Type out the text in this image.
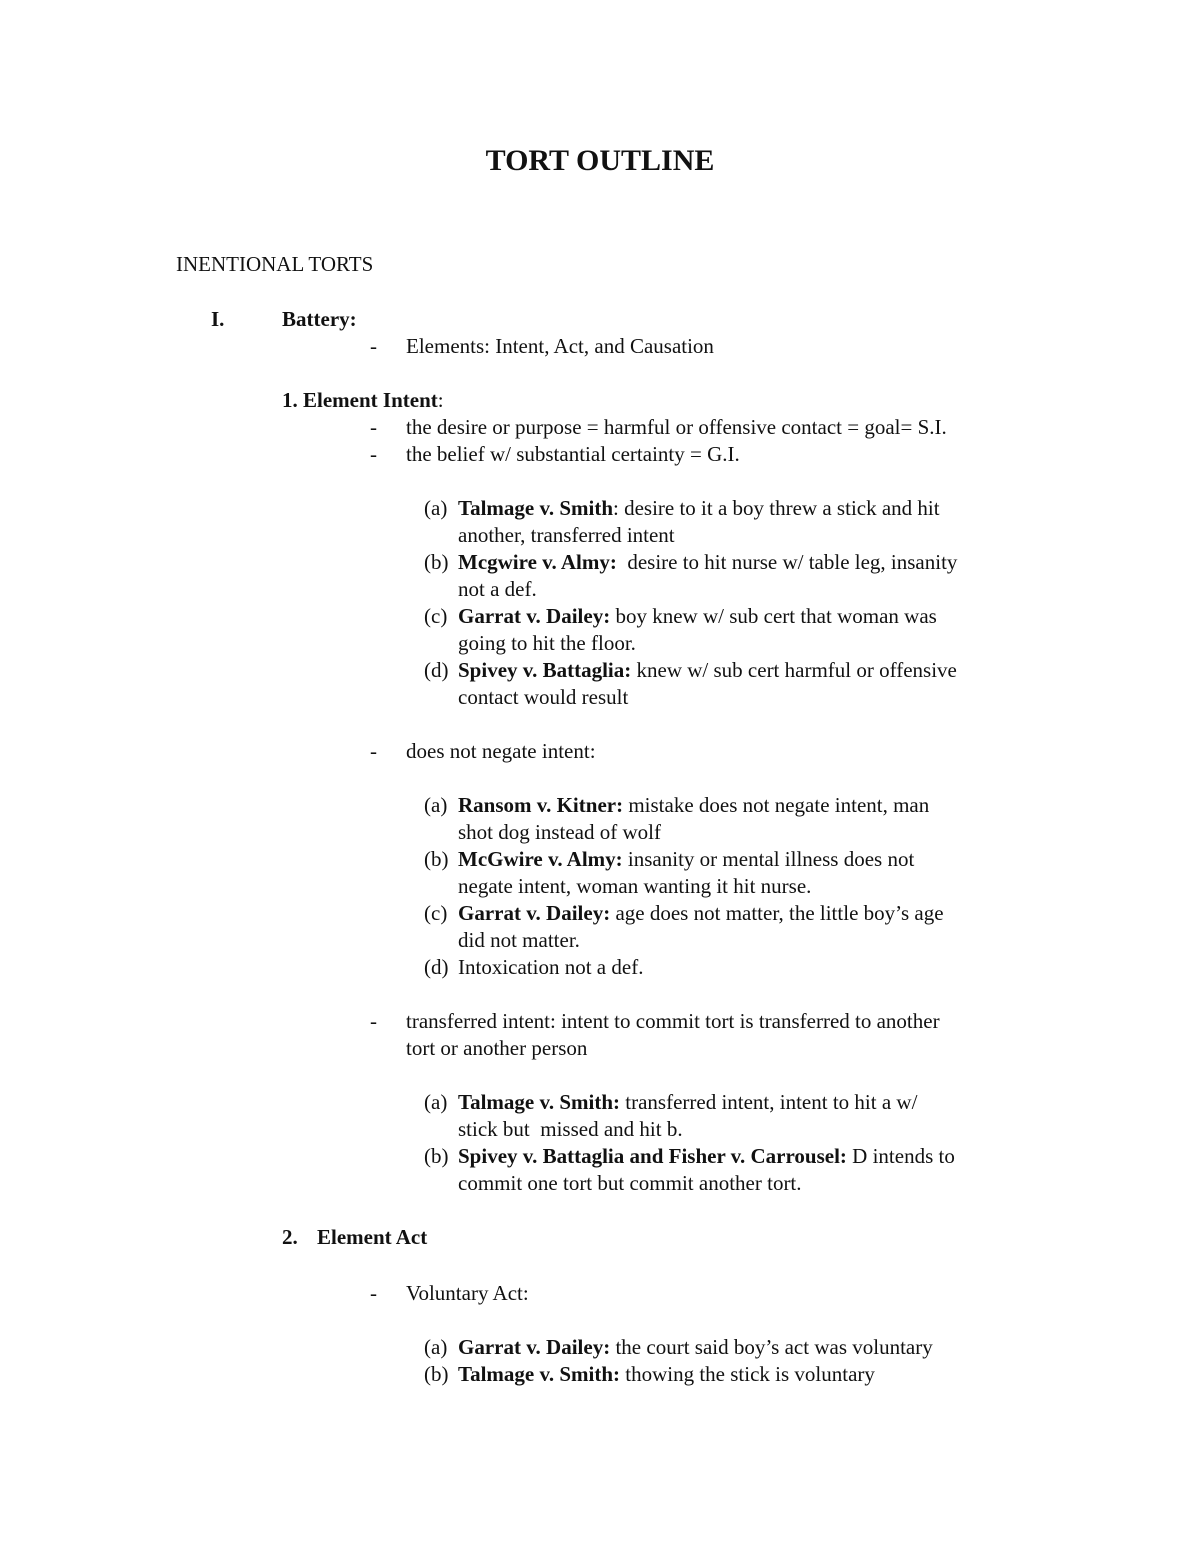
TORT OUTLINE
INENTIONAL TORTS
I.	Battery:
- Elements: Intent, Act, and Causation
1. Element Intent:
- the desire or purpose = harmful or offensive contact = goal= S.I.
- the belief w/ substantial certainty = G.I.
(a) Talmage v. Smith: desire to it a boy threw a stick and hit
another, transferred intent
(b) Mcgwire v. Almy:  desire to hit nurse w/ table leg, insanity
not a def.
(c) Garrat v. Dailey: boy knew w/ sub cert that woman was
going to hit the floor.
(d) Spivey v. Battaglia: knew w/ sub cert harmful or offensive
contact would result
- does not negate intent:
(a) Ransom v. Kitner: mistake does not negate intent, man
shot dog instead of wolf
(b) McGwire v. Almy: insanity or mental illness does not
negate intent, woman wanting it hit nurse.
(c) Garrat v. Dailey: age does not matter, the little boy’s age
did not matter.
(d) Intoxication not a def.
- transferred intent: intent to commit tort is transferred to another
tort or another person
(a) Talmage v. Smith: transferred intent, intent to hit a w/
stick but  missed and hit b.
(b) Spivey v. Battaglia and Fisher v. Carrousel: D intends to
commit one tort but commit another tort.
2. Element Act
- Voluntary Act:
(a) Garrat v. Dailey: the court said boy’s act was voluntary
(b) Talmage v. Smith: thowing the stick is voluntary
